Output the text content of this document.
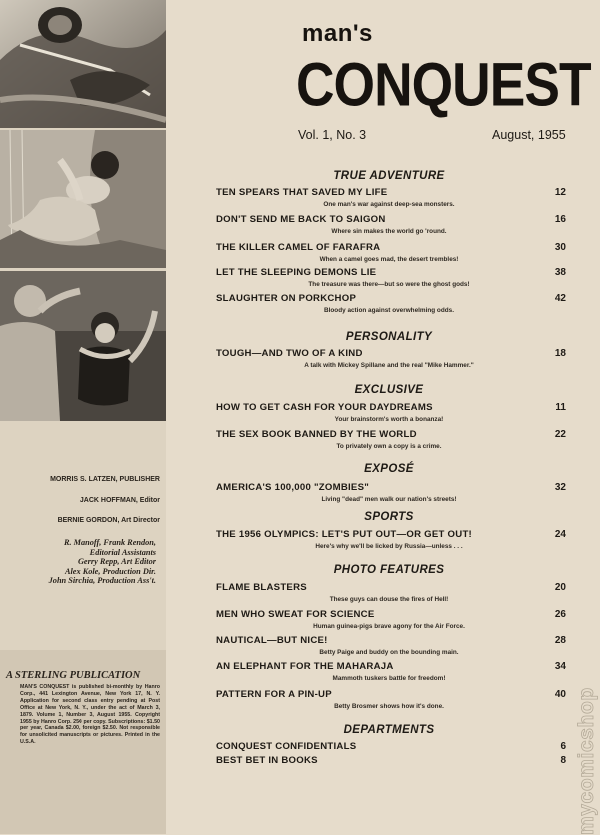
MORRIS S. LATZEN, PUBLISHER
JACK HOFFMAN, Editor
BERNIE GORDON, Art Director
R. Manoff, Frank Rendon,
Editorial Assistants
Gerry Repp, Art Editor
Alex Kole, Production Dir.
John Sirchia, Production Ass't.
A STERLING PUBLICATION
MAN'S CONQUEST is published bi-monthly by Hanro Corp., 441 Lexington Avenue, New York 17, N. Y. Application for second class entry pending at Post Office at New York, N. Y., under the act of March 3, 1879. Volume 1, Number 3, August 1955. Copyright 1955 by Hanro Corp. 25¢ per copy. Subscriptions: $1.50 per year, Canada $2.00, foreign $2.50. Not responsible for unsolicited manuscripts or pictures. Printed in the U.S.A.
man's
CONQUEST
Vol. 1, No. 3	August, 1955
TRUE ADVENTURE
PERSONALITY
EXCLUSIVE
EXPOSÉ
SPORTS
PHOTO FEATURES
DEPARTMENTS
TEN SPEARS THAT SAVED MY LIFE	12
One man's war against deep-sea monsters.
DON'T SEND ME BACK TO SAIGON	16
Where sin makes the world go 'round.
THE KILLER CAMEL OF FARAFRA	30
When a camel goes mad, the desert trembles!
LET THE SLEEPING DEMONS LIE	38
The treasure was there—but so were the ghost gods!
SLAUGHTER ON PORKCHOP	42
Bloody action against overwhelming odds.
TOUGH—AND TWO OF A KIND	18
A talk with Mickey Spillane and the real "Mike Hammer."
HOW TO GET CASH FOR YOUR DAYDREAMS	11
Your brainstorm's worth a bonanza!
THE SEX BOOK BANNED BY THE WORLD	22
To privately own a copy is a crime.
AMERICA'S 100,000 "ZOMBIES"	32
Living "dead" men walk our nation's streets!
THE 1956 OLYMPICS: LET'S PUT OUT—OR GET OUT!	24
Here's why we'll be licked by Russia—unless . . .
FLAME BLASTERS	20
These guys can douse the fires of Hell!
MEN WHO SWEAT FOR SCIENCE	26
Human guinea-pigs brave agony for the Air Force.
NAUTICAL—BUT NICE!	28
Betty Paige and buddy on the bounding main.
AN ELEPHANT FOR THE MAHARAJA	34
Mammoth tuskers battle for freedom!
PATTERN FOR A PIN-UP	40
Betty Brosmer shows how it's done.
CONQUEST CONFIDENTIALS	6
BEST BET IN BOOKS	8 mycomicshop
